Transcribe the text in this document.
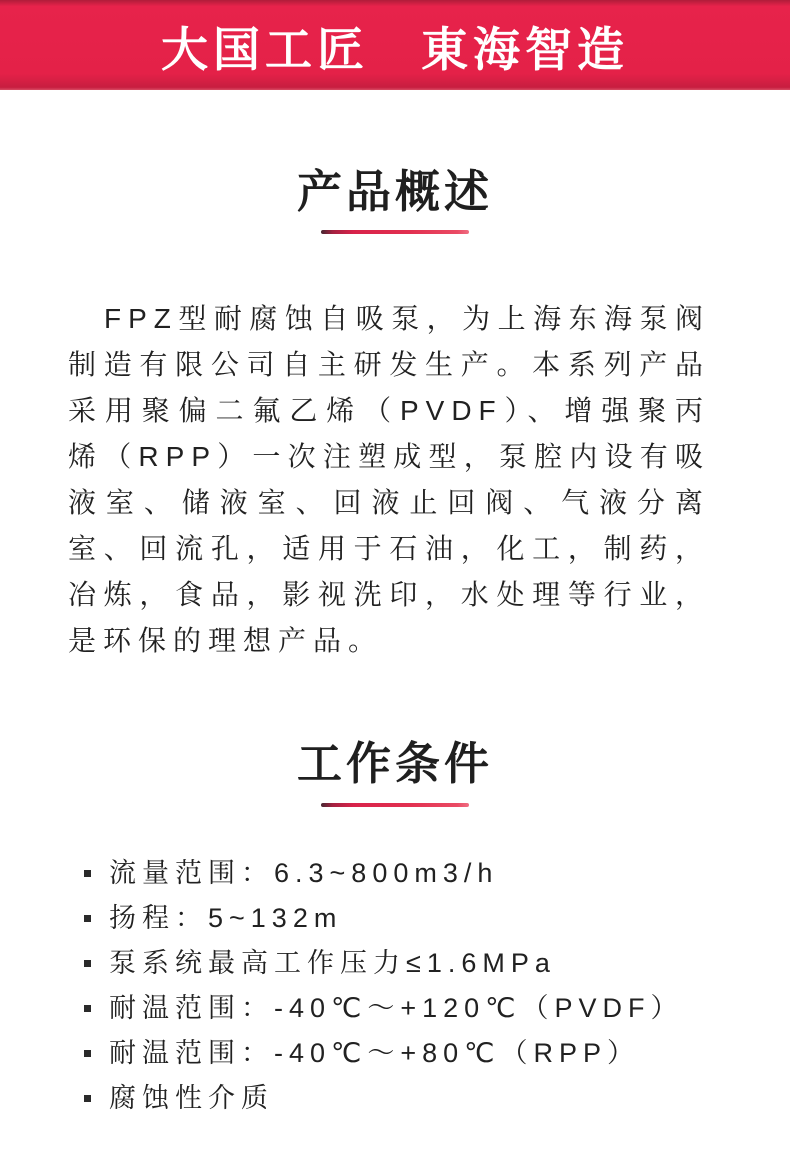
大国工匠　東海智造
产品概述

FPZ型耐腐蚀自吸泵，为上海东海泵阀制造有限公司自主研发生产。本系列产品采用聚偏二氟乙烯（PVDF）、增强聚丙烯（RPP）一次注塑成型，泵腔内设有吸液室、储液室、回液止回阀、气液分离室、回流孔，适用于石油，化工，制药，冶炼，食品，影视洗印，水处理等行业，是环保的理想产品。

工作条件
流量范围：6.3~800m3/h
扬程：5~132m
泵系统最高工作压力≤1.6MPa
耐温范围：-40℃～+120℃（PVDF）
耐温范围：-40℃～+80℃（RPP）
腐蚀性介质
